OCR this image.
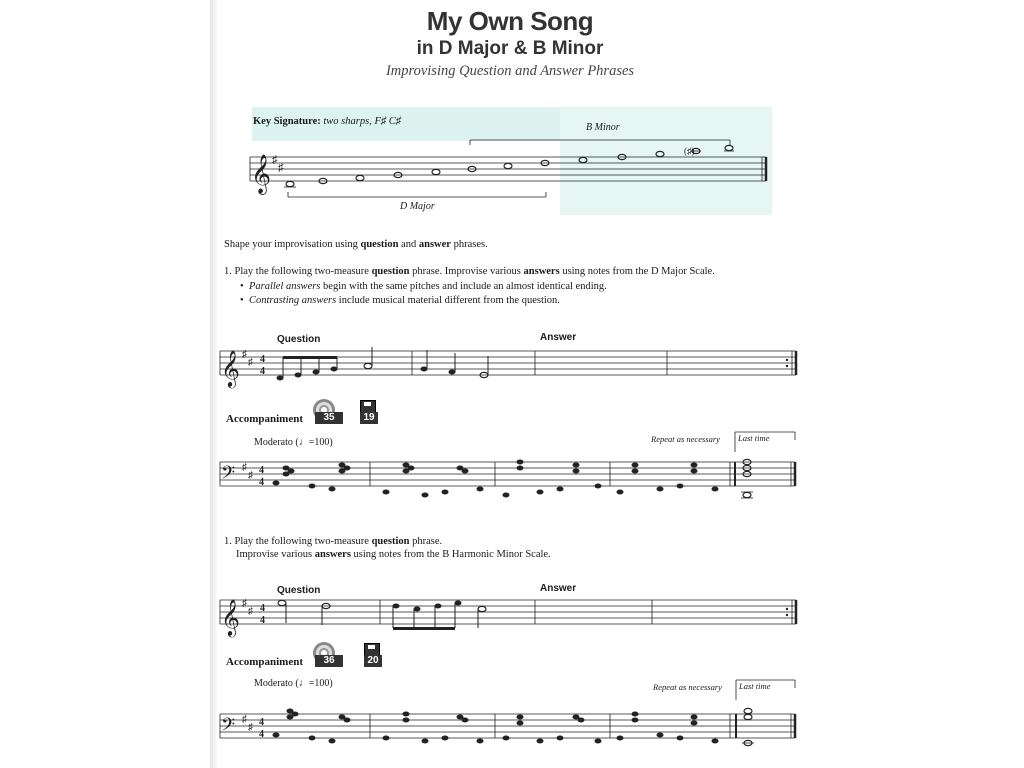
My Own Song
in D Major & B Minor
Improvising Question and Answer Phrases
Key Signature: two sharps, F♯ C♯
B Minor
D Major
𝄞 ♯
♯
(♯)
Shape your improvisation using question and answer phrases.
1. Play the following two-measure question phrase. Improvise various answers using notes from the D Major Scale.
•  Parallel answers begin with the same pitches and include an almost identical ending.
•  Contrasting answers include musical material different from the question.
Question	Answer
𝄞 ♯
♯ 4
4
Accompaniment	35	19
Moderato (♩=100)	Repeat as necessary Last time
𝄢 ♯
♯ 4
4
1. Play the following two-measure question phrase.
Improvise various answers using notes from the B Harmonic Minor Scale.
Question	Answer
𝄞 ♯
♯ 4
4
Accompaniment	36	20
Moderato (♩=100)	Repeat as necessary Last time
𝄢 ♯
♯ 4
4
